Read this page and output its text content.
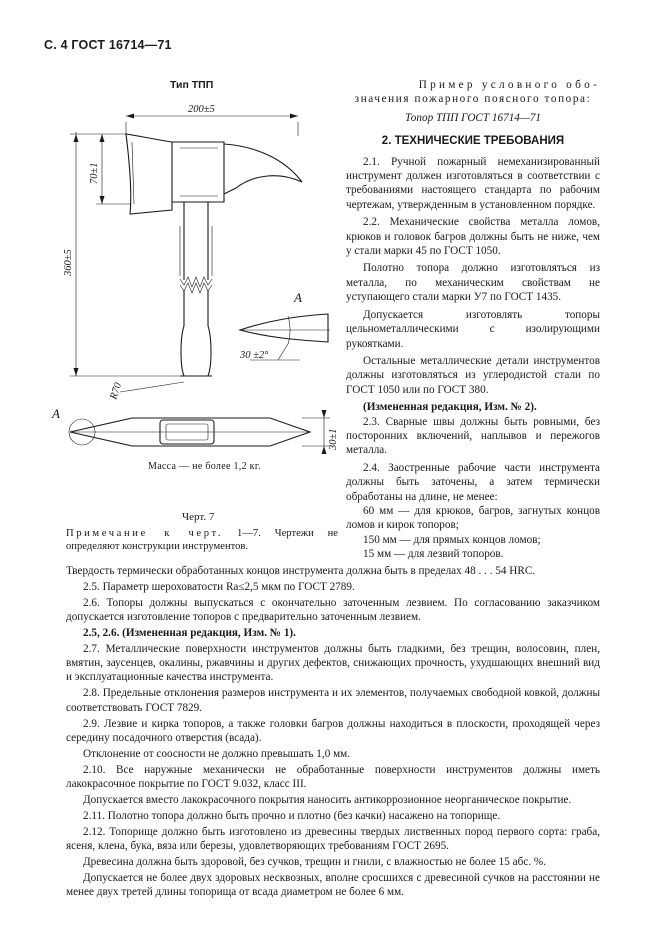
С. 4 ГОСТ 16714—71
Тип ТПП
200±5
70±1
360±5
A
30 ±2°
R70
A
30±1
Масса — не более 1,2 кг.
Черт. 7
Примечание к черт. 1—7. Чертежи не определяют конструкции инструментов.

Пример условного обо-

значения пожарного поясного топора:

Топор ТПП ГОСТ 16714—71

2. ТЕХНИЧЕСКИЕ ТРЕБОВАНИЯ

2.1. Ручной пожарный немеханизированный инструмент должен изготовляться в соответствии с требованиями настоящего стандарта по рабочим чертежам, утвержденным в установленном порядке.

2.2. Механические свойства металла ломов, крюков и головок багров должны быть не ниже, чем у стали марки 45 по ГОСТ 1050.

Полотно топора должно изготовляться из металла, по механическим свойствам не уступающего стали марки У7 по ГОСТ 1435.

Допускается изготовлять топоры цельнометаллическими с изолирующими рукоятками.

Остальные металлические детали инструментов должны изготовляться из углеродистой стали по ГОСТ 1050 или по ГОСТ 380.

(Измененная редакция, Изм. № 2).

2.3. Сварные швы должны быть ровными, без посторонних включений, наплывов и пережогов металла.

2.4. Заостренные рабочие части инструмента должны быть заточены, а затем термически обработаны на длине, не менее:

60 мм — для крюков, багров, загнутых концов ломов и кирок топоров;

150 мм — для прямых концов ломов;

15 мм — для лезвий топоров.

Твердость термически обработанных концов инструмента должна быть в пределах 48 . . . 54 HRC.

2.5. Параметр шероховатости Ra≤2,5 мкм по ГОСТ 2789.

2.6. Топоры должны выпускаться с окончательно заточенным лезвием. По согласованию заказчиком допускается изготовление топоров с предварительно заточенным лезвием.

2.5, 2.6. (Измененная редакция, Изм. № 1).

2.7. Металлические поверхности инструментов должны быть гладкими, без трещин, волосовин, плен, вмятин, заусенцев, окалины, ржавчины и других дефектов, снижающих прочность, ухудшающих внешний вид и эксплуатационные качества инструмента.

2.8. Предельные отклонения размеров инструмента и их элементов, получаемых свободной ковкой, должны соответствовать ГОСТ 7829.

2.9. Лезвие и кирка топоров, а также головки багров должны находиться в плоскости, проходящей через середину посадочного отверстия (всада).

Отклонение от соосности не должно превышать 1,0 мм.

2.10. Все наружные механически не обработанные поверхности инструментов должны иметь лакокрасочное покрытие по ГОСТ 9.032, класс III.

Допускается вместо лакокрасочного покрытия наносить антикоррозионное неорганическое покрытие.

2.11. Полотно топора должно быть прочно и плотно (без качки) насажено на топорище.

2.12. Топорище должно быть изготовлено из древесины твердых лиственных пород первого сорта: граба, ясеня, клена, бука, вяза или березы, удовлетворяющих требованиям ГОСТ 2695.

Древесина должна быть здоровой, без сучков, трещин и гнили, с влажностью не более 15 абс. %.

Допускается не более двух здоровых несквозных, вполне сросшихся с древесиной сучков на расстоянии не менее двух третей длины топорища от всада диаметром не более 6 мм.
